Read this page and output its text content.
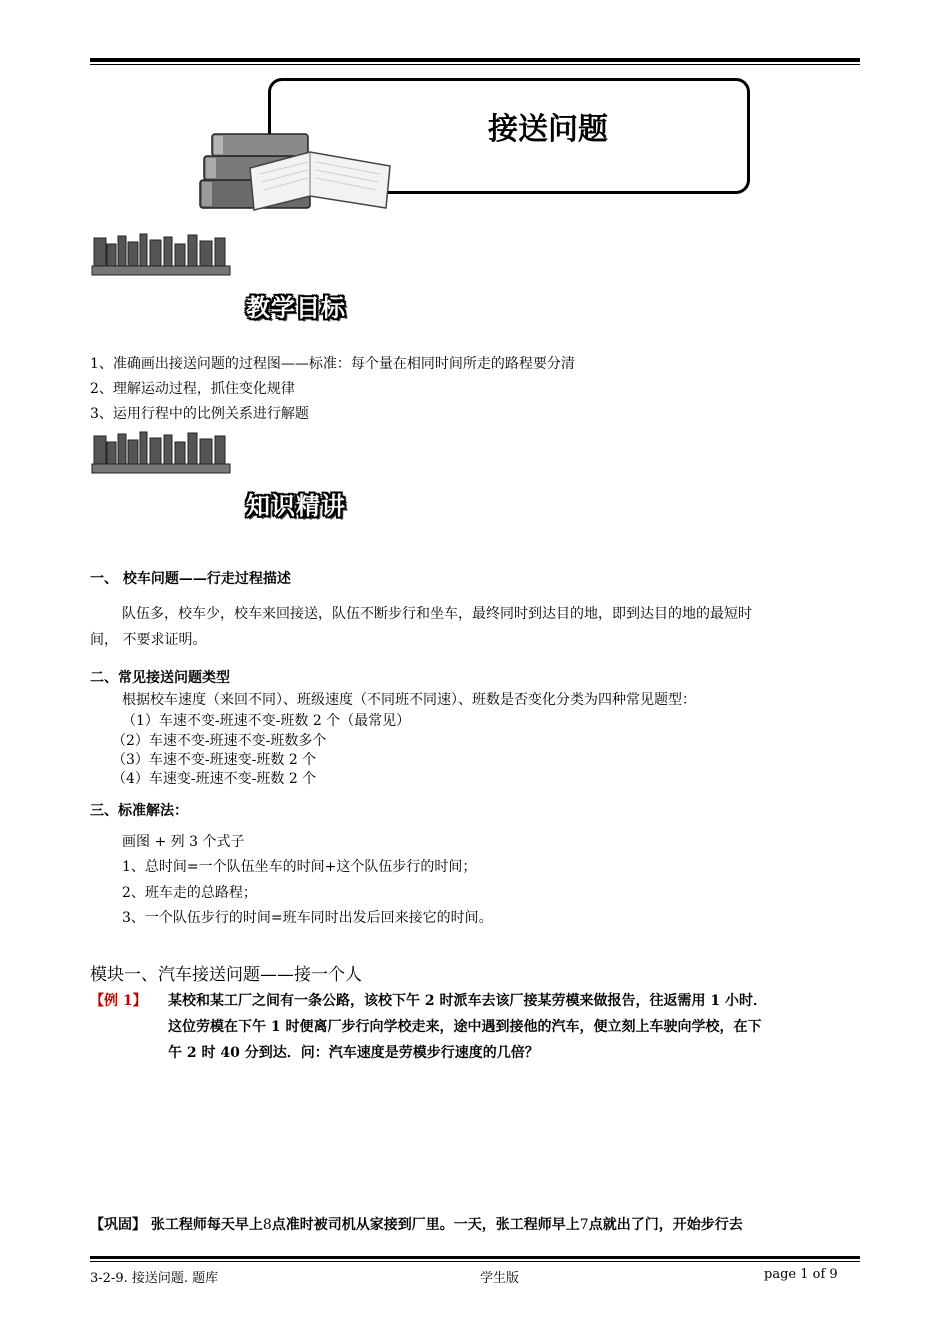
接送问题
教学目标
1、准确画出接送问题的过程图——标准：每个量在相同时间所走的路程要分清
2、理解运动过程，抓住变化规律
3、运用行程中的比例关系进行解题
知识精讲
一、 校车问题——行走过程描述
队伍多，校车少，校车来回接送，队伍不断步行和坐车，最终同时到达目的地，即到达目的地的最短时
间， 不要求证明。
二、常见接送问题类型
根据校车速度（来回不同）、班级速度（不同班不同速）、班数是否变化分类为四种常见题型：
（1）车速不变-班速不变-班数 2 个（最常见）
（2）车速不变-班速不变-班数多个
（3）车速不变-班速变-班数 2 个
（4）车速变-班速不变-班数 2 个
三、标准解法：
画图 + 列 3 个式子
1、总时间=一个队伍坐车的时间+这个队伍步行的时间；
2、班车走的总路程；
3、一个队伍步行的时间=班车同时出发后回来接它的时间。
模块一、汽车接送问题——接一个人
【例 1】 某校和某工厂之间有一条公路，该校下午 2 时派车去该厂接某劳模来做报告，往返需用 1 小时．
这位劳模在下午 1 时便离厂步行向学校走来，途中遇到接他的汽车，便立刻上车驶向学校，在下
午 2 时 40 分到达．问：汽车速度是劳模步行速度的几倍？
【巩固】 张工程师每天早上8点准时被司机从家接到厂里。一天，张工程师早上7点就出了门，开始步行去
3-2-9. 接送问题. 题库	学生版	page 1 of 9
